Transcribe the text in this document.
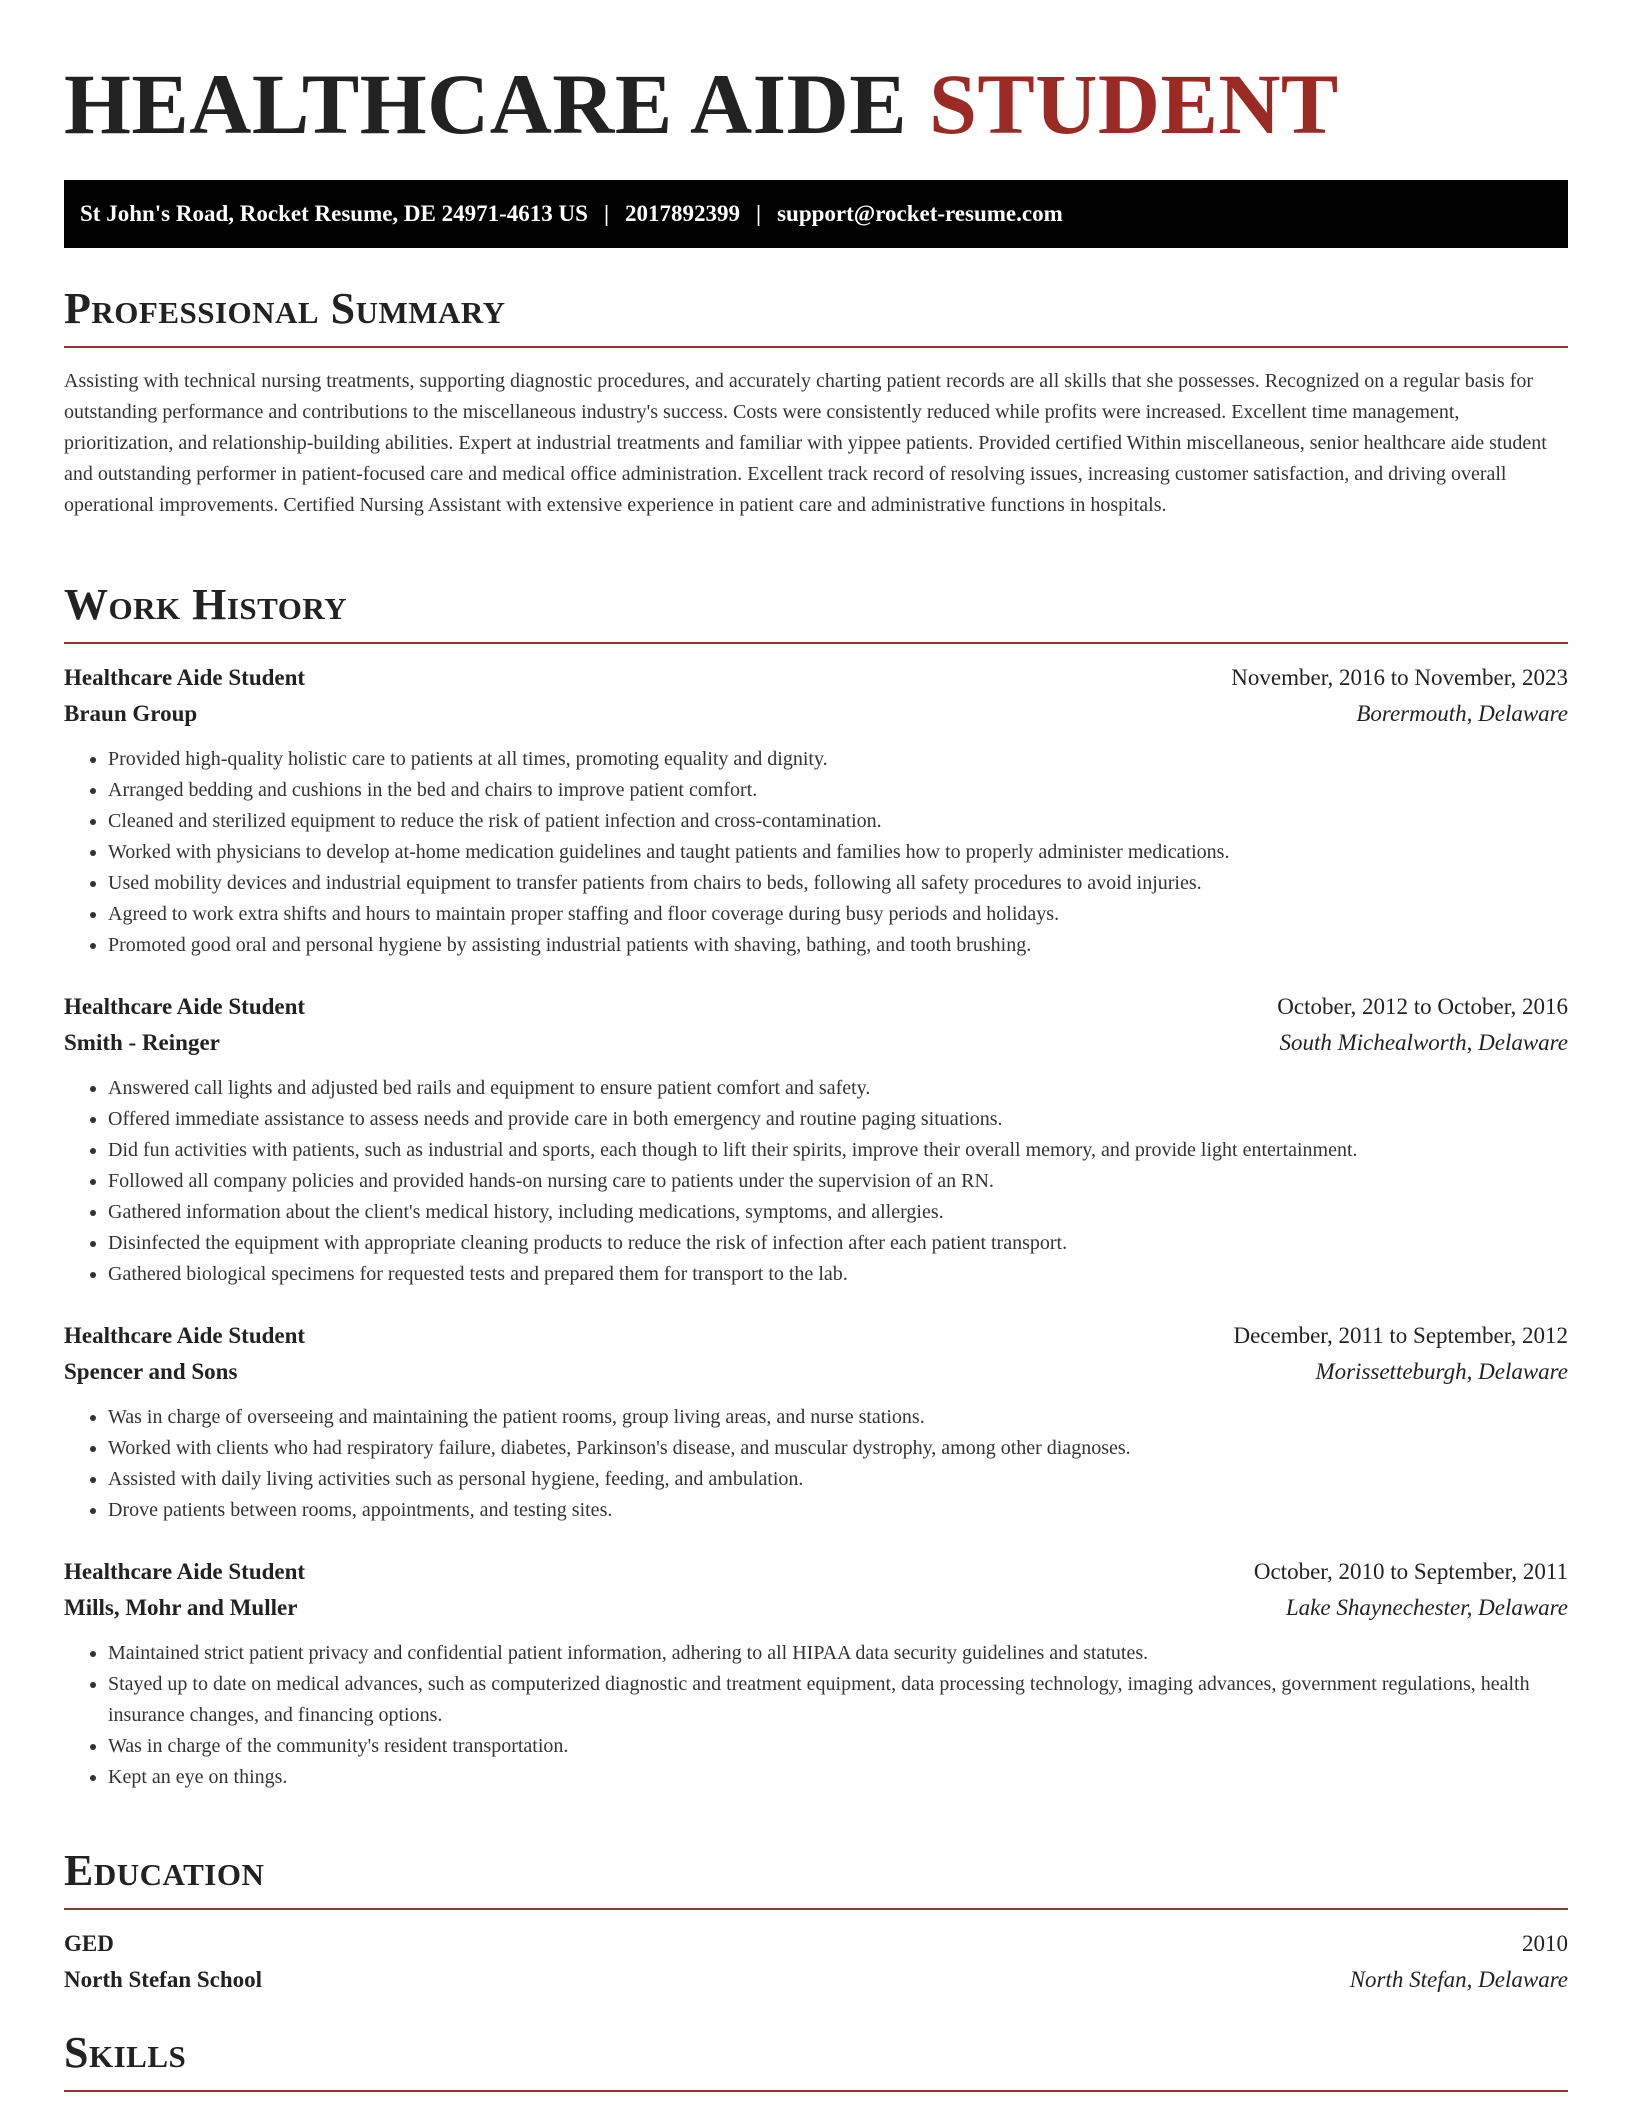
HEALTHCARE AIDE STUDENT
St John's Road, Rocket Resume, DE 24971-4613 US | 2017892399 | support@rocket-resume.com
Professional Summary

Assisting with technical nursing treatments, supporting diagnostic procedures, and accurately charting patient records are all skills that she possesses. Recognized on a regular basis for outstanding performance and contributions to the miscellaneous industry's success. Costs were consistently reduced while profits were increased. Excellent time management, prioritization, and relationship-building abilities. Expert at industrial treatments and familiar with yippee patients. Provided certified Within miscellaneous, senior healthcare aide student and outstanding performer in patient-focused care and medical office administration. Excellent track record of resolving issues, increasing customer satisfaction, and driving overall operational improvements. Certified Nursing Assistant with extensive experience in patient care and administrative functions in hospitals.

Work History
Healthcare Aide Student	November, 2016 to November, 2023
Braun Group	Borermouth, Delaware
• Provided high-quality holistic care to patients at all times, promoting equality and dignity.
• Arranged bedding and cushions in the bed and chairs to improve patient comfort.
• Cleaned and sterilized equipment to reduce the risk of patient infection and cross-contamination.
• Worked with physicians to develop at-home medication guidelines and taught patients and families how to properly administer medications.
• Used mobility devices and industrial equipment to transfer patients from chairs to beds, following all safety procedures to avoid injuries.
• Agreed to work extra shifts and hours to maintain proper staffing and floor coverage during busy periods and holidays.
• Promoted good oral and personal hygiene by assisting industrial patients with shaving, bathing, and tooth brushing.
Healthcare Aide Student	October, 2012 to October, 2016
Smith - Reinger	South Michealworth, Delaware
• Answered call lights and adjusted bed rails and equipment to ensure patient comfort and safety.
• Offered immediate assistance to assess needs and provide care in both emergency and routine paging situations.
• Did fun activities with patients, such as industrial and sports, each though to lift their spirits, improve their overall memory, and provide light entertainment.
• Followed all company policies and provided hands-on nursing care to patients under the supervision of an RN.
• Gathered information about the client's medical history, including medications, symptoms, and allergies.
• Disinfected the equipment with appropriate cleaning products to reduce the risk of infection after each patient transport.
• Gathered biological specimens for requested tests and prepared them for transport to the lab.
Healthcare Aide Student	December, 2011 to September, 2012
Spencer and Sons	Morissetteburgh, Delaware
• Was in charge of overseeing and maintaining the patient rooms, group living areas, and nurse stations.
• Worked with clients who had respiratory failure, diabetes, Parkinson's disease, and muscular dystrophy, among other diagnoses.
• Assisted with daily living activities such as personal hygiene, feeding, and ambulation.
• Drove patients between rooms, appointments, and testing sites.
Healthcare Aide Student	October, 2010 to September, 2011
Mills, Mohr and Muller	Lake Shaynechester, Delaware
• Maintained strict patient privacy and confidential patient information, adhering to all HIPAA data security guidelines and statutes.
• Stayed up to date on medical advances, such as computerized diagnostic and treatment equipment, data processing technology, imaging advances, government regulations, health insurance changes, and financing options.
• Was in charge of the community's resident transportation.
• Kept an eye on things.
Education
GED	2010
North Stefan School	North Stefan, Delaware
Skills
